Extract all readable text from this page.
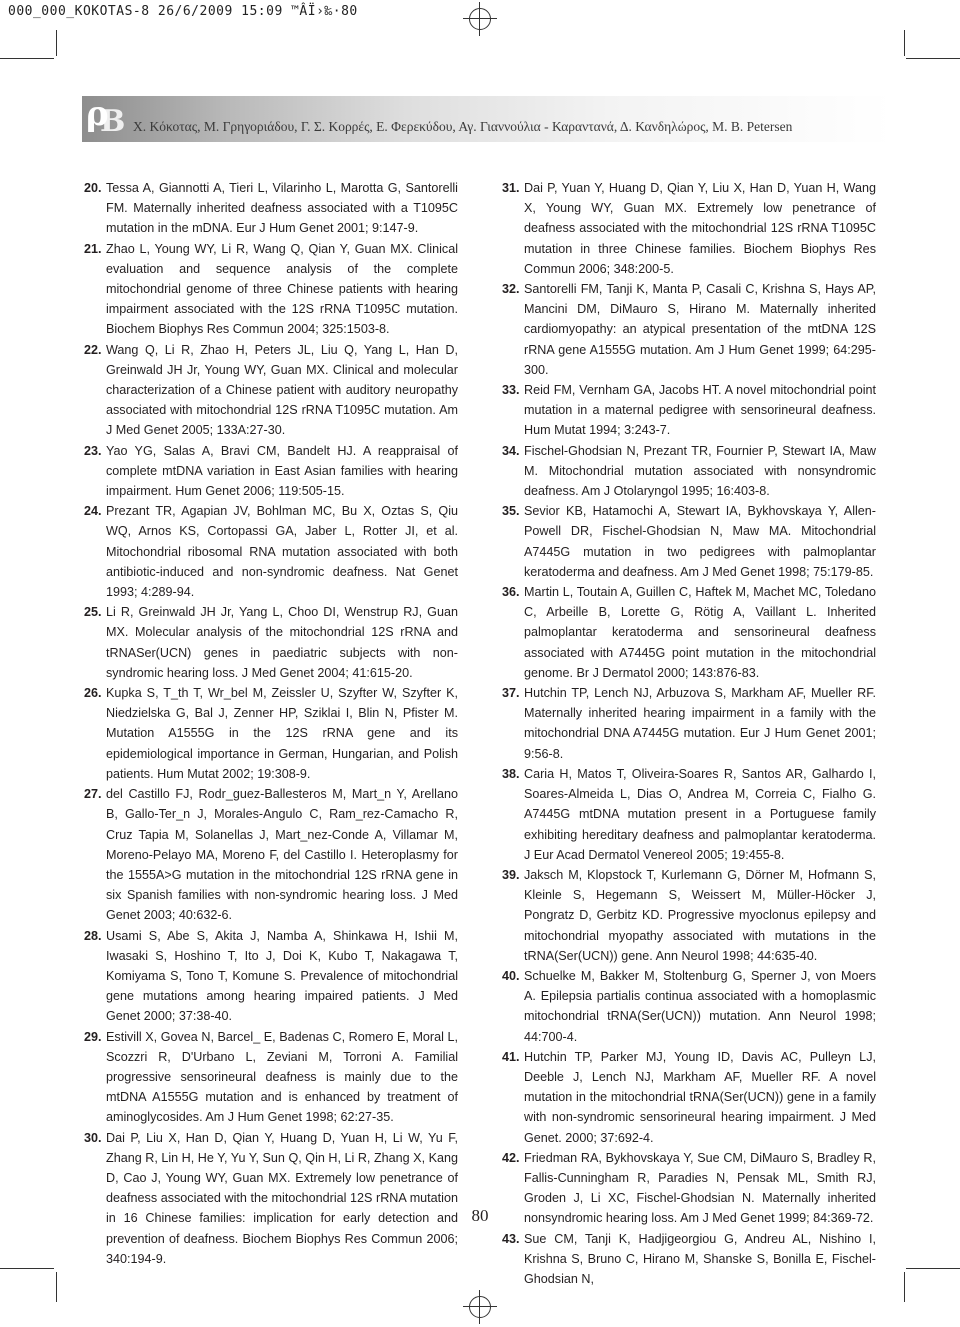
000_000_KOKOTAS-8 26/6/2009 15:09 ™ÂÏ›‰·80
ρ
B Χ. Κόκοτας, Μ. Γρηγοριάδου, Γ. Σ. Κορρές, Ε. Φερεκύδου, Αγ. Γιαννούλια - Καραντανά, Δ. Κανδηλώρος, Μ. Β. Petersen
20. Tessa A, Giannotti A, Tieri L, Vilarinho L, Marotta G, Santorelli FM. Maternally inherited deafness associated with a T1095C mutation in the mDNA. Eur J Hum Genet 2001; 9:147-9.
21. Zhao L, Young WY, Li R, Wang Q, Qian Y, Guan MX. Clinical evaluation and sequence analysis of the complete mitochondrial genome of three Chinese patients with hearing impairment associated with the 12S rRNA T1095C mutation. Biochem Biophys Res Commun 2004; 325:1503-8.
22. Wang Q, Li R, Zhao H, Peters JL, Liu Q, Yang L, Han D, Greinwald JH Jr, Young WY, Guan MX. Clinical and molecular characterization of a Chinese patient with auditory neuropathy associated with mitochondrial 12S rRNA T1095C mutation. Am J Med Genet 2005; 133A:27-30.
23. Yao YG, Salas A, Bravi CM, Bandelt HJ. A reappraisal of complete mtDNA variation in East Asian families with hearing impairment. Hum Genet 2006; 119:505-15.
24. Prezant TR, Agapian JV, Bohlman MC, Bu X, Oztas S, Qiu WQ, Arnos KS, Cortopassi GA, Jaber L, Rotter JI, et al. Mitochondrial ribosomal RNA mutation associated with both antibiotic-induced and non-syndromic deafness. Nat Genet 1993; 4:289-94.
25. Li R, Greinwald JH Jr, Yang L, Choo DI, Wenstrup RJ, Guan MX. Molecular analysis of the mitochondrial 12S rRNA and tRNASer(UCN) genes in paediatric subjects with non-syndromic hearing loss. J Med Genet 2004; 41:615-20.
26. Kupka S, T_th T, Wr_bel M, Zeissler U, Szyfter W, Szyfter K, Niedzielska G, Bal J, Zenner HP, Sziklai I, Blin N, Pfister M. Mutation A1555G in the 12S rRNA gene and its epidemiological importance in German, Hungarian, and Polish patients. Hum Mutat 2002; 19:308-9.
27. del Castillo FJ, Rodr_guez-Ballesteros M, Mart_n Y, Arellano B, Gallo-Ter_n J, Morales-Angulo C, Ram_rez-Camacho R, Cruz Tapia M, Solanellas J, Mart_nez-Conde A, Villamar M, Moreno-Pelayo MA, Moreno F, del Castillo I. Heteroplasmy for the 1555A>G mutation in the mitochondrial 12S rRNA gene in six Spanish families with non-syndromic hearing loss. J Med Genet 2003; 40:632-6.
28. Usami S, Abe S, Akita J, Namba A, Shinkawa H, Ishii M, Iwasaki S, Hoshino T, Ito J, Doi K, Kubo T, Nakagawa T, Komiyama S, Tono T, Komune S. Prevalence of mitochondrial gene mutations among hearing impaired patients. J Med Genet 2000; 37:38-40.
29. Estivill X, Govea N, Barcel_ E, Badenas C, Romero E, Moral L, Scozzri R, D'Urbano L, Zeviani M, Torroni A. Familial progressive sensorineural deafness is mainly due to the mtDNA A1555G mutation and is enhanced by treatment of aminoglycosides. Am J Hum Genet 1998; 62:27-35.
30. Dai P, Liu X, Han D, Qian Y, Huang D, Yuan H, Li W, Yu F, Zhang R, Lin H, He Y, Yu Y, Sun Q, Qin H, Li R, Zhang X, Kang D, Cao J, Young WY, Guan MX. Extremely low penetrance of deafness associated with the mitochondrial 12S rRNA mutation in 16 Chinese families: implication for early detection and prevention of deafness. Biochem Biophys Res Commun 2006; 340:194-9.
31. Dai P, Yuan Y, Huang D, Qian Y, Liu X, Han D, Yuan H, Wang X, Young WY, Guan MX. Extremely low penetrance of deafness associated with the mitochondrial 12S rRNA T1095C mutation in three Chinese families. Biochem Biophys Res Commun 2006; 348:200-5.
32. Santorelli FM, Tanji K, Manta P, Casali C, Krishna S, Hays AP, Mancini DM, DiMauro S, Hirano M. Maternally inherited cardiomyopathy: an atypical presentation of the mtDNA 12S rRNA gene A1555G mutation. Am J Hum Genet 1999; 64:295-300.
33. Reid FM, Vernham GA, Jacobs HT. A novel mitochondrial point mutation in a maternal pedigree with sensorineural deafness. Hum Mutat 1994; 3:243-7.
34. Fischel-Ghodsian N, Prezant TR, Fournier P, Stewart IA, Maw M. Mitochondrial mutation associated with nonsyndromic deafness. Am J Otolaryngol 1995; 16:403-8.
35. Sevior KB, Hatamochi A, Stewart IA, Bykhovskaya Y, Allen-Powell DR, Fischel-Ghodsian N, Maw MA. Mitochondrial A7445G mutation in two pedigrees with palmoplantar keratoderma and deafness. Am J Med Genet 1998; 75:179-85.
36. Martin L, Toutain A, Guillen C, Haftek M, Machet MC, Toledano C, Arbeille B, Lorette G, Rötig A, Vaillant L. Inherited palmoplantar keratoderma and sensorineural deafness associated with A7445G point mutation in the mitochondrial genome. Br J Dermatol 2000; 143:876-83.
37. Hutchin TP, Lench NJ, Arbuzova S, Markham AF, Mueller RF. Maternally inherited hearing impairment in a family with the mitochondrial DNA A7445G mutation. Eur J Hum Genet 2001; 9:56-8.
38. Caria H, Matos T, Oliveira-Soares R, Santos AR, Galhardo I, Soares-Almeida L, Dias O, Andrea M, Correia C, Fialho G. A7445G mtDNA mutation present in a Portuguese family exhibiting hereditary deafness and palmoplantar keratoderma. J Eur Acad Dermatol Venereol 2005; 19:455-8.
39. Jaksch M, Klopstock T, Kurlemann G, Dörner M, Hofmann S, Kleinle S, Hegemann S, Weissert M, Müller-Höcker J, Pongratz D, Gerbitz KD. Progressive myoclonus epilepsy and mitochondrial myopathy associated with mutations in the tRNA(Ser(UCN)) gene. Ann Neurol 1998; 44:635-40.
40. Schuelke M, Bakker M, Stoltenburg G, Sperner J, von Moers A. Epilepsia partialis continua associated with a homoplasmic mitochondrial tRNA(Ser(UCN)) mutation. Ann Neurol 1998; 44:700-4.
41. Hutchin TP, Parker MJ, Young ID, Davis AC, Pulleyn LJ, Deeble J, Lench NJ, Markham AF, Mueller RF. A novel mutation in the mitochondrial tRNA(Ser(UCN)) gene in a family with non-syndromic sensorineural hearing impairment. J Med Genet. 2000; 37:692-4.
42. Friedman RA, Bykhovskaya Y, Sue CM, DiMauro S, Bradley R, Fallis-Cunningham R, Paradies N, Pensak ML, Smith RJ, Groden J, Li XC, Fischel-Ghodsian N. Maternally inherited nonsyndromic hearing loss. Am J Med Genet 1999; 84:369-72.
43. Sue CM, Tanji K, Hadjigeorgiou G, Andreu AL, Nishino I, Krishna S, Bruno C, Hirano M, Shanske S, Bonilla E, Fischel-Ghodsian N,
80
